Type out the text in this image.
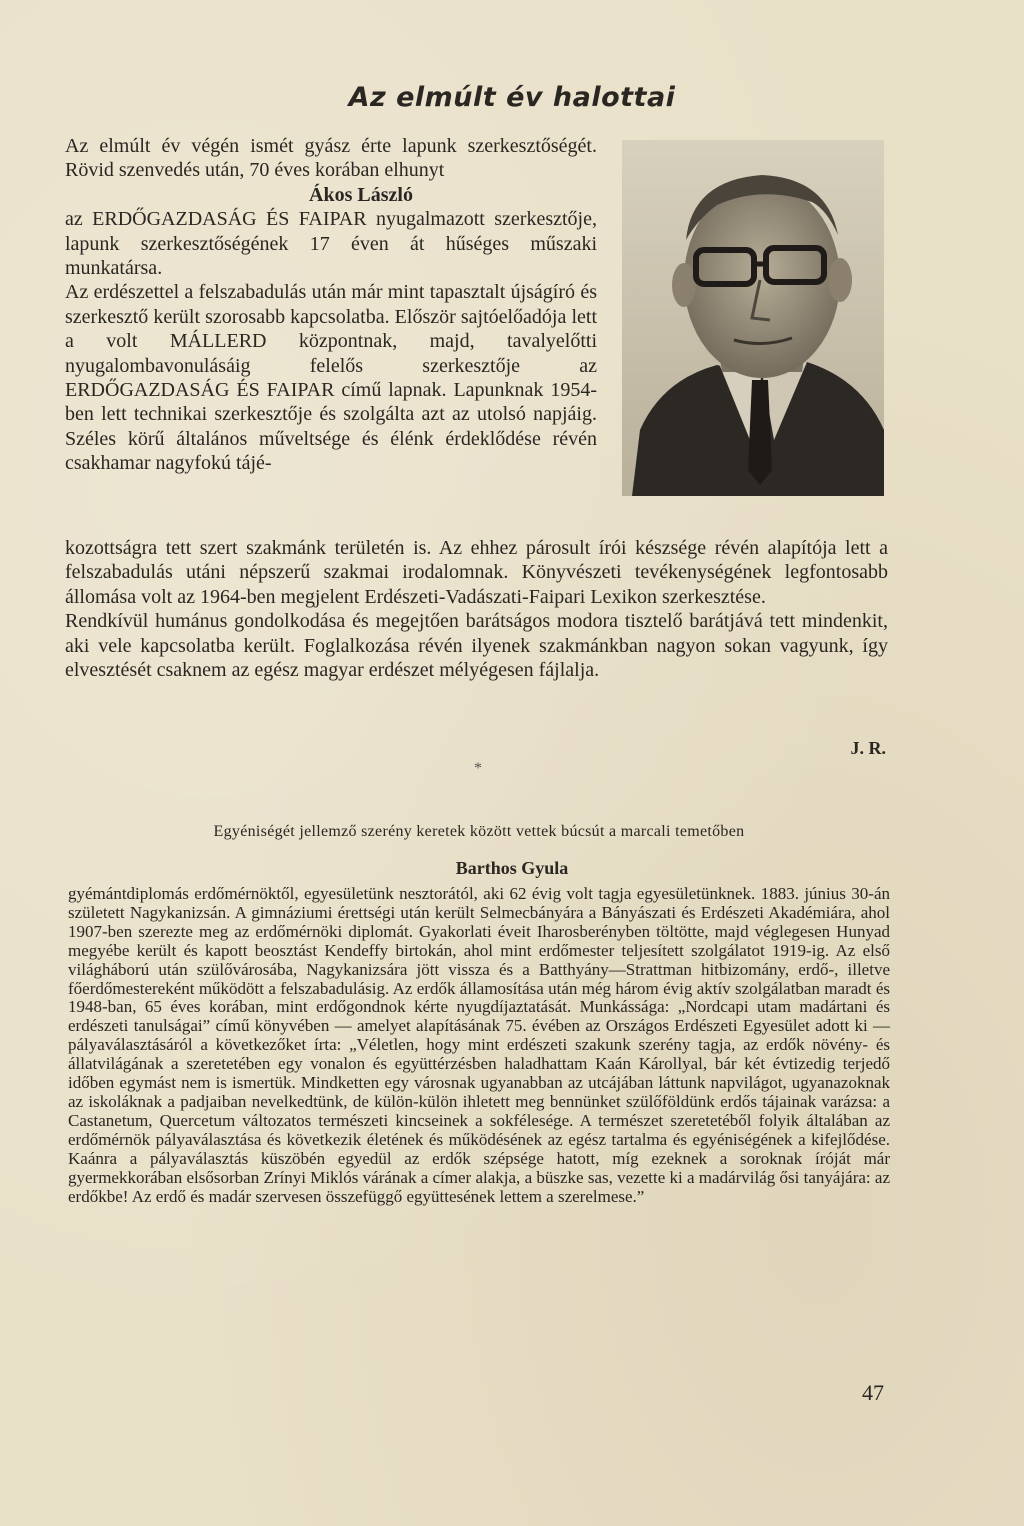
Az elmúlt év halottai

Az elmúlt év végén ismét gyász érte lapunk szerkesztőségét. Rövid szenvedés után, 70 éves korában elhunyt

Ákos László

az ERDŐGAZDASÁG ÉS FAIPAR nyugalmazott szerkesztője, lapunk szerkesztőségének 17 éven át hűséges műszaki munkatársa.

Az erdészettel a felszabadulás után már mint tapasztalt újságíró és szerkesztő került szorosabb kapcsolatba. Először sajtóelőadója lett a volt MÁLLERD központnak, majd, tavalyelőtti nyugalombavonulásáig felelős szerkesztője az ERDŐGAZDASÁG ÉS FAIPAR című lapnak. Lapunknak 1954-ben lett technikai szerkesztője és szolgálta azt az utolsó napjáig. Széles körű általános műveltsége és élénk érdeklődése révén csakhamar nagyfokú tájé-

kozottságra tett szert szakmánk területén is. Az ehhez párosult írói készsége révén alapítója lett a felszabadulás utáni népszerű szakmai irodalomnak. Könyvészeti tevékenységének legfontosabb állomása volt az 1964-ben megjelent Erdészeti-Vadászati-Faipari Lexikon szerkesztése.

Rendkívül humánus gondolkodása és megejtően barátságos modora tisztelő barátjává tett mindenkit, aki vele kapcsolatba került. Foglalkozása révén ilyenek szakmánkban nagyon sokan vagyunk, így elvesztését csaknem az egész magyar erdészet mélyégesen fájlalja.

J. R.
*
Egyéniségét jellemző szerény keretek között vettek búcsút a marcali temetőben
Barthos Gyula

gyémántdiplomás erdőmérnöktől, egyesületünk nesztorától, aki 62 évig volt tagja egyesületünknek. 1883. június 30-án született Nagykanizsán. A gimnáziumi érettségi után került Selmecbányára a Bányászati és Erdészeti Akadémiára, ahol 1907-ben szerezte meg az erdőmérnöki diplomát. Gyakorlati éveit Iharosberényben töltötte, majd véglegesen Hunyad megyébe került és kapott beosztást Kendeffy birtokán, ahol mint erdőmester teljesített szolgálatot 1919-ig. Az első világháború után szülővárosába, Nagykanizsára jött vissza és a Batthyány—Strattman hitbizomány, erdő-, illetve főerdőmestereként működött a felszabadulásig. Az erdők államosítása után még három évig aktív szolgálatban maradt és 1948-ban, 65 éves korában, mint erdőgondnok kérte nyugdíjaztatását. Munkássága: „Nordcapi utam madártani és erdészeti tanulságai” című könyvében — amelyet alapításának 75. évében az Országos Erdészeti Egyesület adott ki — pályaválasztásáról a következőket írta: „Véletlen, hogy mint erdészeti szakunk szerény tagja, az erdők növény- és állatvilágának a szeretetében egy vonalon és együttérzésben haladhattam Kaán Károllyal, bár két évtizedig terjedő időben egymást nem is ismertük. Mindketten egy városnak ugyanabban az utcájában láttunk napvilágot, ugyanazoknak az iskoláknak a padjaiban nevelkedtünk, de külön-külön ihletett meg bennünket szülőföldünk erdős tájainak varázsa: a Castanetum, Quercetum változatos természeti kincseinek a sokfélesége. A természet szeretetéből folyik általában az erdőmérnök pályaválasztása és következik életének és működésének az egész tartalma és egyéniségének a kifejlődése. Kaánra a pályaválasztás küszöbén egyedül az erdők szépsége hatott, míg ezeknek a soroknak íróját már gyermekkorában elsősorban Zrínyi Miklós várának a címer alakja, a büszke sas, vezette ki a madárvilág ősi tanyájára: az erdőkbe! Az erdő és madár szervesen összefüggő együttesének lettem a szerelmese.”

47
